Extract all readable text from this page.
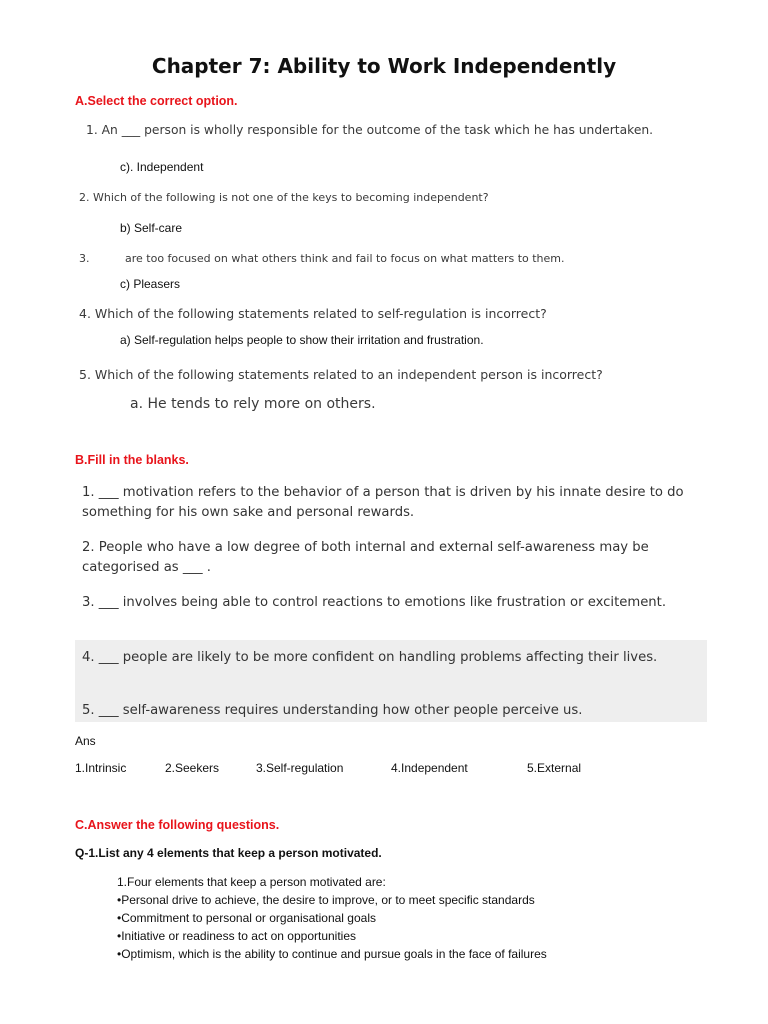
Chapter 7: Ability to Work Independently
A.Select the correct option.
1. An ___ person is wholly responsible for the outcome of the task which he has undertaken.
c). Independent
2. Which of the following is not one of the keys to becoming independent?
b) Self-care
3.	are too focused on what others think and fail to focus on what matters to them.
c) Pleasers
4. Which of the following statements related to self-regulation is incorrect?
a) Self-regulation helps people to show their irritation and frustration.
5. Which of the following statements related to an independent person is incorrect?
a. He tends to rely more on others.
B.Fill in the blanks.
1. ___ motivation refers to the behavior of a person that is driven by his innate desire to do something for his own sake and personal rewards.
2. People who have a low degree of both internal and external self-awareness may be categorised as ___ .
3. ___ involves being able to control reactions to emotions like frustration or excitement.
4. ___ people are likely to be more confident on handling problems affecting their lives.
5. ___ self-awareness requires understanding how other people perceive us.
Ans
1.Intrinsic	2.Seekers	3.Self-regulation	4.Independent	5.External
C.Answer the following questions.
Q-1.List any 4 elements that keep a person motivated.
1.Four elements that keep a person motivated are:
•Personal drive to achieve, the desire to improve, or to meet specific standards
•Commitment to personal or organisational goals
•Initiative or readiness to act on opportunities
•Optimism, which is the ability to continue and pursue goals in the face of failures
